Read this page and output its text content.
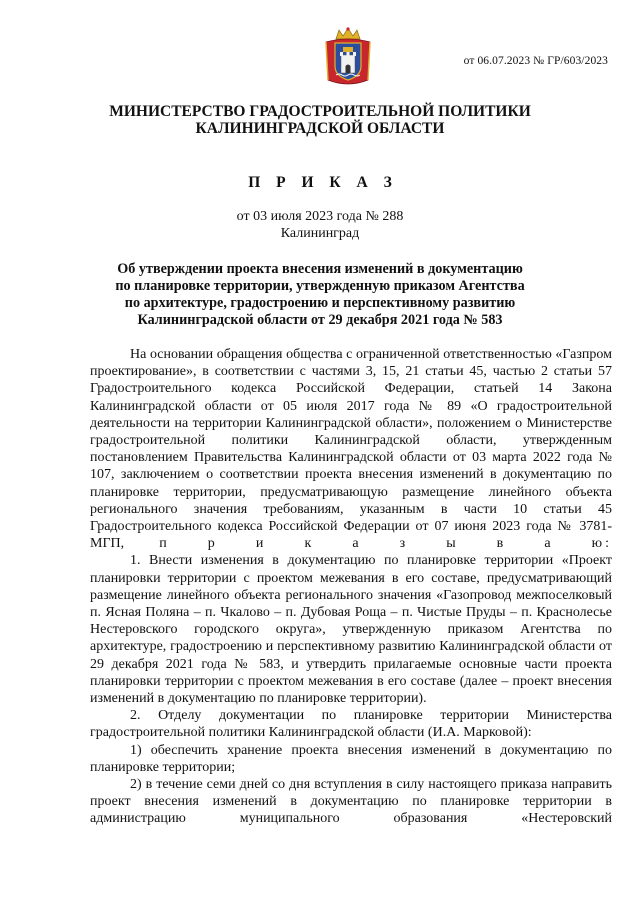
от 06.07.2023 № ГР/603/2023
МИНИСТЕРСТВО ГРАДОСТРОИТЕЛЬНОЙ ПОЛИТИКИ
КАЛИНИНГРАДСКОЙ ОБЛАСТИ
П Р И К А З
от 03 июля 2023 года № 288
Калининград
Об утверждении проекта внесения изменений в документацию
по планировке территории, утвержденную приказом Агентства
по архитектуре, градостроению и перспективному развитию
Калининградской области от 29 декабря 2021 года № 583

На основании обращения общества с ограниченной ответственностью «Газпром проектирование», в соответствии с частями 3, 15, 21 статьи 45, частью 2 статьи 57 Градостроительного кодекса Российской Федерации, статьей 14 Закона Калининградской области от 05 июля 2017 года № 89 «О градостроительной деятельности на территории Калининградской области», положением о Министерстве градостроительной политики Калининградской области, утвержденным постановлением Правительства Калининградской области от 03 марта 2022 года № 107, заключением о соответствии проекта внесения изменений в документацию по планировке территории, предусматривающую размещение линейного объекта регионального значения требованиям, указанным в части 10 статьи 45 Градостроительного кодекса Российской Федерации от 07 июня 2023 года № 3781-МГП,	п р и к а з ы в а ю:

1. Внести изменения в документацию по планировке территории «Проект планировки территории с проектом межевания в его составе, предусматривающий размещение линейного объекта регионального значения «Газопровод межпоселковый п. Ясная Поляна – п. Чкалово – п. Дубовая Роща – п. Чистые Пруды – п. Краснолесье Нестеровского городского округа», утвержденную приказом Агентства по архитектуре, градостроению и перспективному развитию Калининградской области от 29 декабря 2021 года № 583, и утвердить прилагаемые основные части проекта планировки территории с проектом межевания в его составе (далее – проект внесения изменений в документацию по планировке территории).

2. Отделу документации по планировке территории Министерства градостроительной политики Калининградской области (И.А. Марковой):

1) обеспечить хранение проекта внесения изменений в документацию по планировке территории;

2) в течение семи дней со дня вступления в силу настоящего приказа направить проект внесения изменений в документацию по планировке территории в администрацию муниципального образования «Нестеровский
